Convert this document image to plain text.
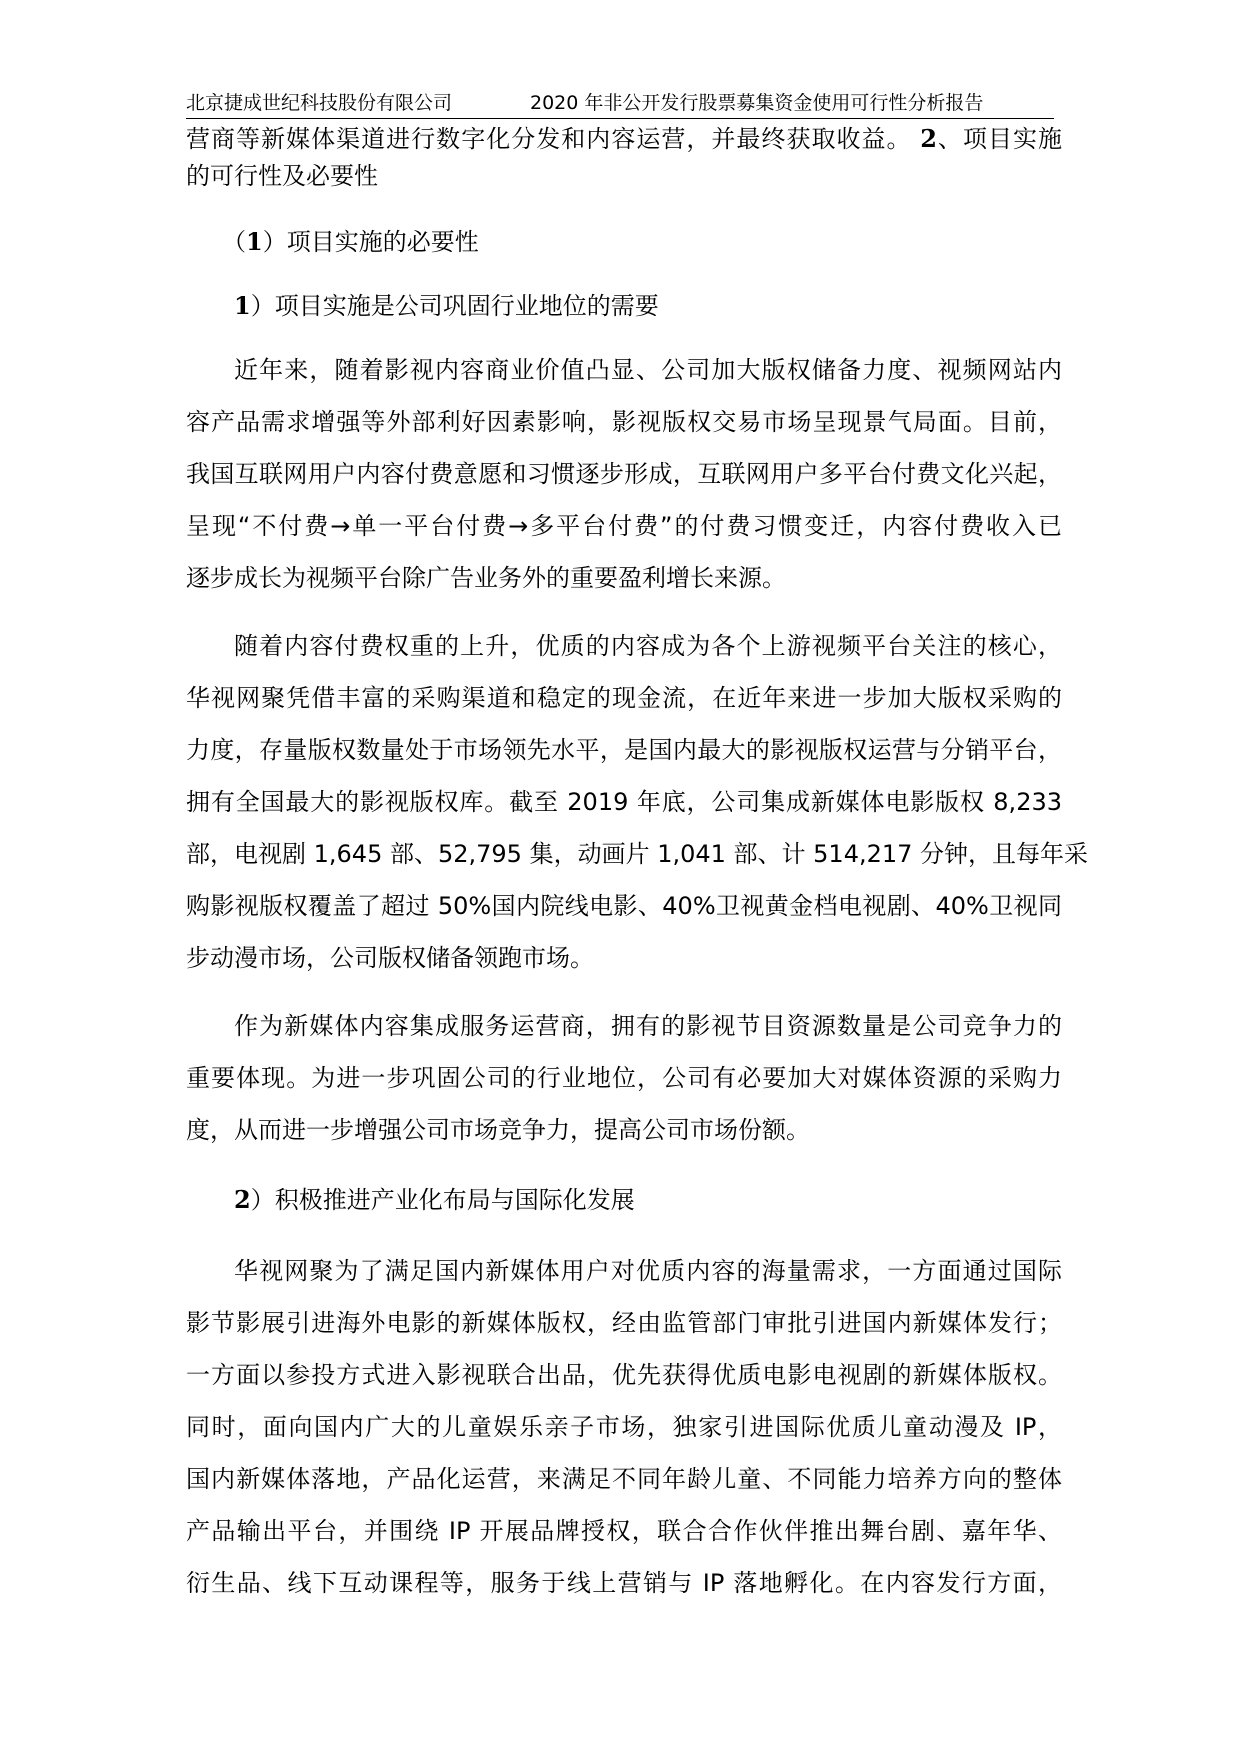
北京捷成世纪科技股份有限公司	2020 年非公开发行股票募集资金使用可行性分析报告
营商等新媒体渠道进行数字化分发和内容运营，并最终获取收益。 2、项目实施
的可行性及必要性
（1）项目实施的必要性
1）项目实施是公司巩固行业地位的需要
近年来，随着影视内容商业价值凸显、公司加大版权储备力度、视频网站内
容产品需求增强等外部利好因素影响，影视版权交易市场呈现景气局面。目前，
我国互联网用户内容付费意愿和习惯逐步形成，互联网用户多平台付费文化兴起，
呈现“不付费→单一平台付费→多平台付费”的付费习惯变迁，内容付费收入已
逐步成长为视频平台除广告业务外的重要盈利增长来源。
随着内容付费权重的上升，优质的内容成为各个上游视频平台关注的核心，
华视网聚凭借丰富的采购渠道和稳定的现金流，在近年来进一步加大版权采购的
力度，存量版权数量处于市场领先水平，是国内最大的影视版权运营与分销平台，
拥有全国最大的影视版权库。截至 2019 年底，公司集成新媒体电影版权 8,233
部，电视剧 1,645 部、52,795 集，动画片 1,041 部、计 514,217 分钟，且每年采
购影视版权覆盖了超过 50%国内院线电影、40%卫视黄金档电视剧、40%卫视同
步动漫市场，公司版权储备领跑市场。
作为新媒体内容集成服务运营商，拥有的影视节目资源数量是公司竞争力的
重要体现。为进一步巩固公司的行业地位，公司有必要加大对媒体资源的采购力
度，从而进一步增强公司市场竞争力，提高公司市场份额。
2）积极推进产业化布局与国际化发展
华视网聚为了满足国内新媒体用户对优质内容的海量需求，一方面通过国际
影节影展引进海外电影的新媒体版权，经由监管部门审批引进国内新媒体发行；
一方面以参投方式进入影视联合出品，优先获得优质电影电视剧的新媒体版权。
同时，面向国内广大的儿童娱乐亲子市场，独家引进国际优质儿童动漫及 IP，
国内新媒体落地，产品化运营，来满足不同年龄儿童、不同能力培养方向的整体
产品输出平台，并围绕 IP 开展品牌授权，联合合作伙伴推出舞台剧、嘉年华、
衍生品、线下互动课程等，服务于线上营销与 IP 落地孵化。在内容发行方面，
